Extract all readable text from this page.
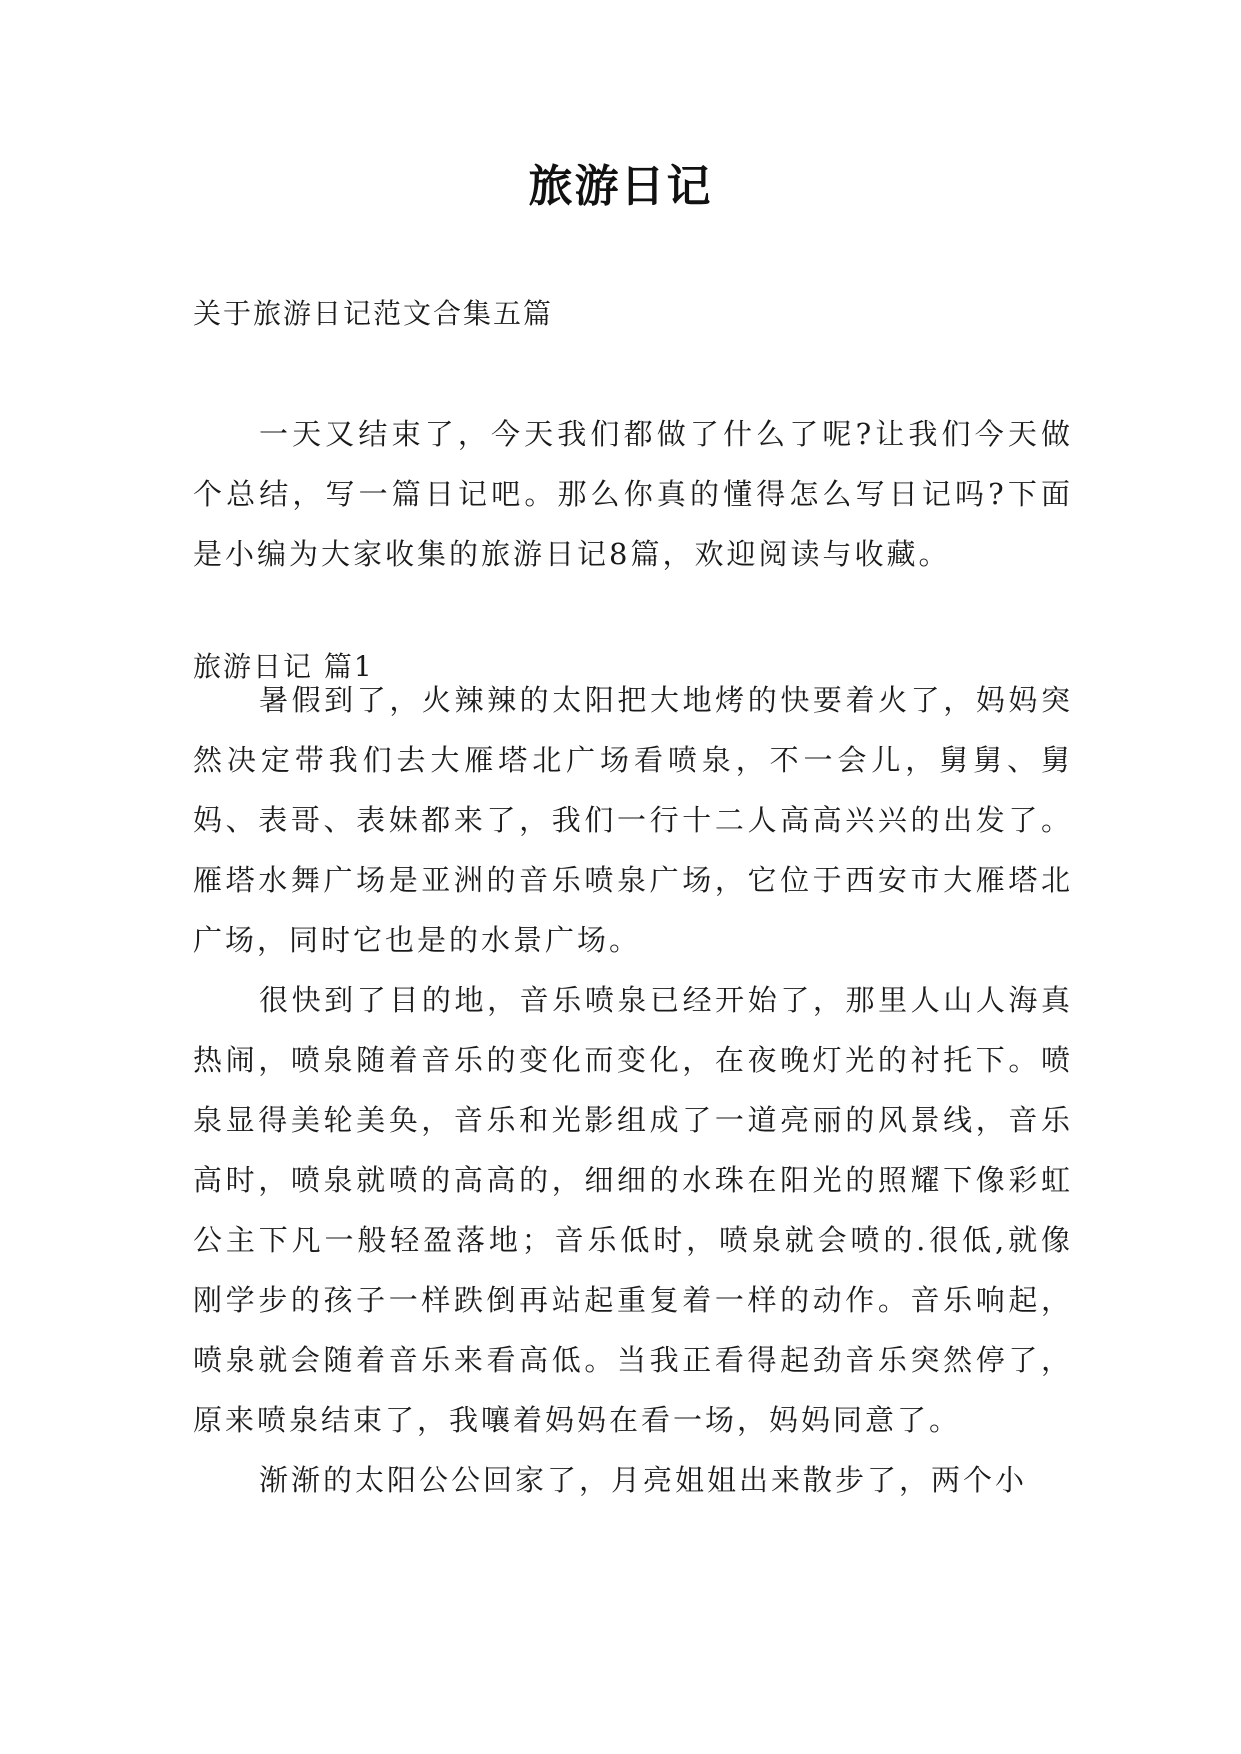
旅游日记
关于旅游日记范文合集五篇

一天又结束了，今天我们都做了什么了呢?让我们今天做个总结，写一篇日记吧。那么你真的懂得怎么写日记吗?下面是小编为大家收集的旅游日记8篇，欢迎阅读与收藏。

旅游日记 篇1

暑假到了，火辣辣的太阳把大地烤的快要着火了，妈妈突然决定带我们去大雁塔北广场看喷泉，不一会儿，舅舅、舅妈、表哥、表妹都来了，我们一行十二人高高兴兴的出发了。雁塔水舞广场是亚洲的音乐喷泉广场，它位于西安市大雁塔北广场，同时它也是的水景广场。

很快到了目的地，音乐喷泉已经开始了，那里人山人海真热闹，喷泉随着音乐的变化而变化，在夜晚灯光的衬托下。喷泉显得美轮美奂，音乐和光影组成了一道亮丽的风景线，音乐高时，喷泉就喷的高高的，细细的水珠在阳光的照耀下像彩虹公主下凡一般轻盈落地；音乐低时，喷泉就会喷的.很低,就像刚学步的孩子一样跌倒再站起重复着一样的动作。音乐响起，喷泉就会随着音乐来看高低。当我正看得起劲音乐突然停了，原来喷泉结束了，我嚷着妈妈在看一场，妈妈同意了。

渐渐的太阳公公回家了，月亮姐姐出来散步了，两个小
